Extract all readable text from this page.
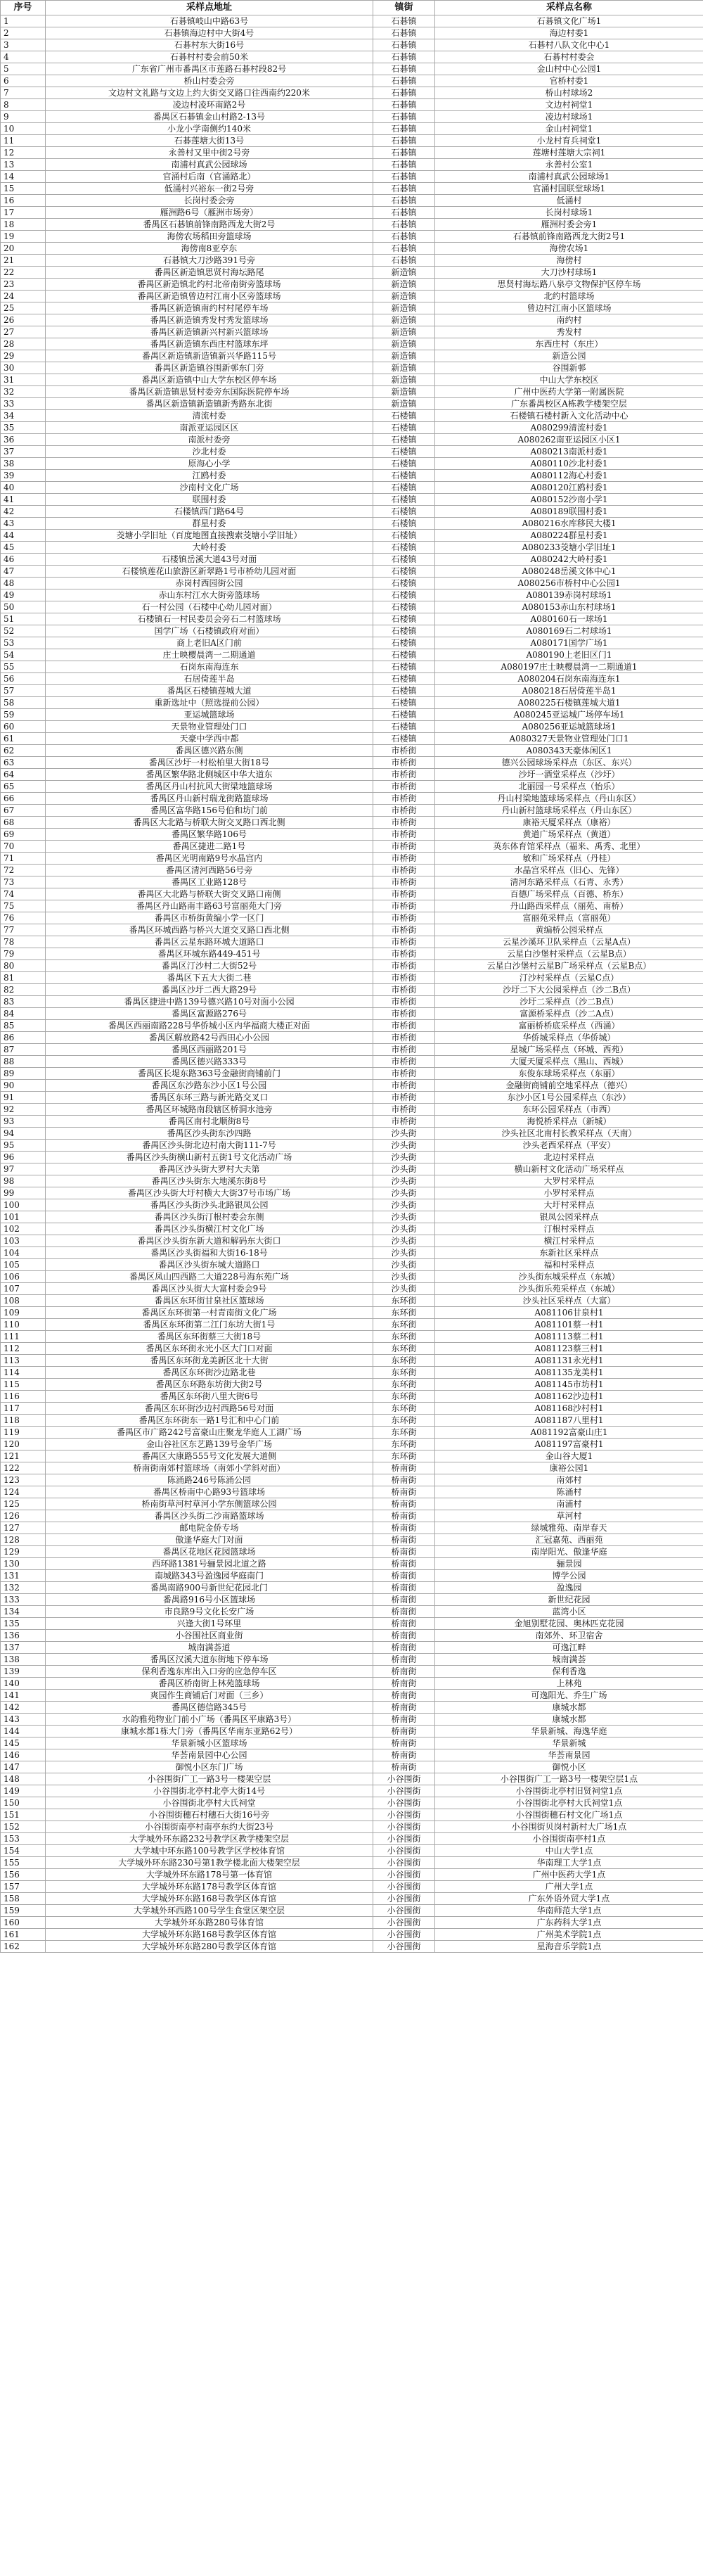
序号	采样点地址	镇街	采样点名称
1	石碁镇岐山中路63号	石碁镇	石碁镇文化广场1
2	石碁镇海边村中大街4号	石碁镇	海边村委1
3	石碁村东大街16号	石碁镇	石碁村八队文化中心1
4	石碁村村委会前50米	石碁镇	石碁村村委会
5	广东省广州市番禺区市莲路石碁村段82号	石碁镇	金山村中心公园1
6	桥山村委会旁	石碁镇	官桥村委1
7	文边村文礼路与文边上约大街交叉路口往西南约220米	石碁镇	桥山村球场2
8	凌边村凌环南路2号	石碁镇	文边村祠堂1
9	番禺区石碁镇金山村路2-13号	石碁镇	凌边村球场1
10	小龙小学南侧约140米	石碁镇	金山村祠堂1
11	石碁莲塘大街13号	石碁镇	小龙村育兵祠堂1
12	永善村又里中街2号旁	石碁镇	莲塘村莲塘大宗祠1
13	南浦村真武公园球场	石碁镇	永善村公室1
14	官涌村后南（官涌路北）	石碁镇	南浦村真武公园球场1
15	低涌村兴裕东一街2号旁	石碁镇	官涌村国联堂球场1
16	长岗村委会旁	石碁镇	低涌村
17	雁洲路6号（雁洲市场旁）	石碁镇	长岗村球场1
18	番禺区石碁镇前锋南路西龙大街2号	石碁镇	雁洲村委会旁1
19	海傍农场稻田旁篮球场	石碁镇	石碁镇前锋南路西龙大街2号1
20	海傍南8亚亭东	石碁镇	海傍农场1
21	石碁镇大刀沙路391号旁	石碁镇	海傍村
22	番禺区新造镇思贤村海坛路尾	新造镇	大刀沙村球场1
23	番禺区新造镇北约村北帝南街旁篮球场	新造镇	思贤村海坛路八泉亭文物保护区停车场
24	番禺区新造镇曾边村江南小区旁篮球场	新造镇	北约村篮球场
25	番禺区新造镇南约村村尾停车场	新造镇	曾边村江南小区篮球场
26	番禺区新造镇秀发村秀发篮球场	新造镇	南约村
27	番禺区新造镇新兴村新兴篮球场	新造镇	秀发村
28	番禺区新造镇东西庄村篮球东坪	新造镇	东西庄村（东庄）
29	番禺区新造镇新造镇新兴华路115号	新造镇	新造公园
30	番禺区新造镇谷围新邨东门旁	新造镇	谷围新邨
31	番禺区新造镇中山大学东校区停车场	新造镇	中山大学东校区
32	番禺区新造镇思贤村委旁东国际医院停车场	新造镇	广州中医药大学第一附属医院
33	番禺区新造镇新造镇新秀路东北街	新造镇	广东番禺校区A栋教学楼架空层
34	清流村委	石楼镇	石楼镇石楼村新入文化活动中心
35	南派亚运园区区	石楼镇	A080299清流村委1
36	南派村委旁	石楼镇	A080262南亚运园区小区1
37	沙北村委	石楼镇	A080213南派村委1
38	原海心小学	石楼镇	A080110沙北村委1
39	江鸥村委	石楼镇	A080112海心村委1
40	沙南村文化广场	石楼镇	A080120江鸥村委1
41	联围村委	石楼镇	A080152沙南小学1
42	石楼镇西门路64号	石楼镇	A080189联围村委1
43	群星村委	石楼镇	A080216水库移民大楼1
44	茭塘小学旧址（百度地图直接搜索茭塘小学旧址）	石楼镇	A080224群星村委1
45	大岭村委	石楼镇	A080233茭塘小学旧址1
46	石楼镇岳溪大道43号对面	石楼镇	A080242大岭村委1
47	石楼镇莲花山旅游区新翠路1号市桥幼儿园对面	石楼镇	A080248岳溪文体中心1
48	赤岗村西园街公园	石楼镇	A080256市桥村中心公园1
49	赤山东村江水大街旁篮球场	石楼镇	A080139赤岗村球场1
50	石一村公园（石楼中心幼儿园对面）	石楼镇	A080153赤山东村球场1
51	石楼镇石一村民委员会旁石二村篮球场	石楼镇	A080160石一球场1
52	国学广场（石楼镇政府对面）	石楼镇	A080169石二村球场1
53	商上老旧A区门前	石楼镇	A080171国学广场1
54	庄士映樱晨湾一二期通道	石楼镇	A080190上老旧区门1
55	石岗东南海连东	石楼镇	A080197庄士映樱晨湾一二期通道1
56	石居倚莲半岛	石楼镇	A080204石岗东南海连东1
57	番禺区石楼镇莲城大道	石楼镇	A080218石居倚莲半岛1
58	重新选址中（照选提前公园）	石楼镇	A080225石楼镇莲城大道1
59	亚运城篮球场	石楼镇	A080245亚运城广场停车场1
60	天景物业管理处门口	石楼镇	A080256亚运城篮球场1
61	天豪中学西中都	石楼镇	A080327天景物业管理处门口1
62	番禺区德兴路东侧	市桥街	A080343天豪体闲区1
63	番禺区沙圩一村松柏里大街18号	市桥街	德兴公园球场采样点（东区、东兴）
64	番禺区繁华路北侧城区中华大道东	市桥街	沙圩一酒堂采样点（沙圩）
65	番禺区丹山村抗风大街梁地篮球场	市桥街	北丽园一号采样点（怡乐）
66	番禺区丹山新村瑞龙街路篮球场	市桥街	丹山村梁地篮球场采样点（丹山东区）
67	番禺区富华路156号伯和坊门前	市桥街	丹山新村篮球场采样点（丹山东区）
68	番禺区大北路与桥联大街交叉路口西北侧	市桥街	康裕天厦采样点（康裕）
69	番禺区繁华路106号	市桥街	黄道广场采样点（黄道）
70	番禺区捷进二路1号	市桥街	英东体育馆采样点（福来、禹秀、北里）
71	番禺区光明南路9号水晶宫内	市桥街	敏和广场采样点（丹桂）
72	番禺区清河西路56号旁	市桥街	水晶宫采样点（旧心、先锋）
73	番禺区工业路128号	市桥街	清河东路采样点（石青、永秀）
74	番禺区大北路与桥联大街交叉路口南侧	市桥街	百德广场采样点（百德、桥东）
75	番禺区丹山路南丰路63号富丽苑大门旁	市桥街	丹山路西采样点（丽苑、南桥）
76	番禺区市桥街黄编小学一区门	市桥街	富丽苑采样点（富丽苑）
77	番禺区环城西路与桥兴大道交叉路口西北侧	市桥街	黄编桥公园采样点
78	番禺区云星东路环城大道路口	市桥街	云星沙溪环卫队采样点（云星A点）
79	番禺区环城东路449-451号	市桥街	云星白沙堡村采样点（云星B点）
80	番禺区汀沙村二大街52号	市桥街	云星白沙堡村云星B广场采样点（云星B点）
81	番禺区下五大大街二巷	市桥街	汀沙村采样点（云星C点）
82	番禺区沙圩二西大路29号	市桥街	沙圩二下大公园采样点（沙二B点）
83	番禺区捷进中路139号德兴路10号对面小公园	市桥街	沙圩二采样点（沙二B点）
84	番禺区富源路276号	市桥街	富源桥采样点（沙二A点）
85	番禺区西丽南路228号华侨城小区内华福商大楼正对面	市桥街	富丽桥桥底采样点（西涌）
86	番禺区解放路42号西田心小公园	市桥街	华侨城采样点（华侨城）
87	番禺区西丽路201号	市桥街	星城广场采样点（环城、西苑）
88	番禺区德兴路333号	市桥街	大厦天厦采样点（黑山、西城）
89	番禺区长堤东路363号金融街商铺前门	市桥街	东俊东球场采样点（东丽）
90	番禺区东沙路东沙小区1号公园	市桥街	金融街商铺前空地采样点（德兴）
91	番禺区东环三路与新光路交叉口	市桥街	东沙小区1号公园采样点（东沙）
92	番禺区环城路南段辖区桥洞水池旁	市桥街	东环公园采样点（市西）
93	番禺区南村北顺街8号	市桥街	海悦桥采样点（新城）
94	番禺区沙头街东沙四路	沙头街	沙头社区北南村长教采样点（天南）
95	番禺区沙头街北边村南大街111-7号	沙头街	沙头老西采样点（平安）
96	番禺区沙头街横山新村五街1号文化活动广场	沙头街	北边村采样点
97	番禺区沙头街大罗村大夫第	沙头街	横山新村文化活动广场采样点
98	番禺区沙头街东大地溪东街8号	沙头街	大罗村采样点
99	番禺区沙头街大圩村横大大街37号市场广场	沙头街	小罗村采样点
100	番禺区沙头街沙头北路银凤公园	沙头街	大圩村采样点
101	番禺区沙头街汀根村委会东侧	沙头街	银凤公园采样点
102	番禺区沙头街横江村文化广场	沙头街	汀根村采样点
103	番禺区沙头街东新大道和解码东大街口	沙头街	横江村采样点
104	番禺区沙头街福和大街16-18号	沙头街	东新社区采样点
105	番禺区沙头街东城大道路口	沙头街	福和村采样点
106	番禺区凤山四西路二大道228号海东苑广场	沙头街	沙头街东城采样点（东城）
107	番禺区沙头街大大富村委会9号	沙头街	沙头街乐苑采样点（东城）
108	番禺区东环街甘泉社区篮球场	东环街	沙头社区采样点（大富）
109	番禺区东环街第一村青南街文化广场	东环街	A081106甘泉村1
110	番禺区东环街第二江门东坊大街1号	东环街	A081101蔡一村1
111	番禺区东环街蔡三大街18号	东环街	A081113蔡二村1
112	番禺区东环街永光小区大门口对面	东环街	A081123蔡三村1
113	番禺区东环街龙美新区北十大街	东环街	A081131永光村1
114	番禺区东环街沙边路北巷	东环街	A081135龙美村1
115	番禺区东环路东坊街大街2号	东环街	A081145市坊村1
116	番禺区东环街八里大街6号	东环街	A081162沙边村1
117	番禺区东环街沙边村西路56号对面	东环街	A081168沙村村1
118	番禺区东环街东一路1号汇和中心门前	东环街	A081187八里村1
119	番禺区市广路242号富豪山庄聚龙华庭人工湖广场	东环街	A081192富豪山庄1
120	金山谷社区东艺路139号金华广场	东环街	A081197富豪村1
121	番禺区大康路555号文化发展大道侧	东环街	金山谷大厦1
122	桥南街南郊村篮球场（南郊小学斜对面）	桥南街	康裕公园1
123	陈涌路246号陈涌公园	桥南街	南郊村
124	番禺区桥南中心路93号篮球场	桥南街	陈涌村
125	桥南街草河村草河小学东侧篮球公园	桥南街	南浦村
126	番禺区沙头街二沙南路篮球场	桥南街	草河村
127	邮电院金侨专场	桥南街	绿城雅苑、南岸春天
128	傲逢华庭大门对面	桥南街	汇冠嘉苑、西丽苑
129	番禺区花地区花园篮球场	桥南街	南岸阳光、傲逢华庭
130	西环路1381号骊景园北道之路	桥南街	骊景园
131	南城路343号盈逸园华庭南门	桥南街	博学公园
132	番禺南路900号新世纪花园北门	桥南街	盈逸园
133	番禺路916号小区篮球场	桥南街	新世纪花园
134	市良路9号文化长安广场	桥南街	蓝湾小区
135	兴逢大街1号环里	桥南街	金旭别墅花园、奥林匹克花园
136	小谷围社区商业街	桥南街	南郊外、环卫宿舍
137	城南满荟道	桥南街	可逸江畔
138	番禺区汉溪大道东街地下停车场	桥南街	城南满荟
139	保利香逸东库出入口旁的应急停车区	桥南街	保利香逸
140	番禺区桥南街上林苑篮球场	桥南街	上林苑
141	爽园作生商铺后门对面（三乡）	桥南街	可逸阳光、乔生广场
142	番禺区德信路345号	桥南街	康城水都
143	水韵雅苑物业门前小广场（番禺区平康路3号）	桥南街	康城水都
144	康城水都1栋大门旁（番禺区华南东亚路62号）	桥南街	华景新城、海逸华庭
145	华景新城小区篮球场	桥南街	华景新城
146	华荟南景园中心公园	桥南街	华荟南景园
147	御悦小区东门广场	桥南街	御悦小区
148	小谷围街广工一路3号一楼架空层	小谷围街	小谷围街广工一路3号一楼架空层1点
149	小谷围街北亭村北亭大街14号	小谷围街	小谷围街北亭村旧贤祠堂1点
150	小谷围街北亭村大氏祠堂	小谷围街	小谷围街北亭村大氏祠堂1点
151	小谷围街穗石村穗石大街16号旁	小谷围街	小谷围街穗石村文化广场1点
152	小谷围街南亭村南亭东约大街23号	小谷围街	小谷围街贝岗村新村大广场1点
153	大学城外环东路232号教学区教学楼架空层	小谷围街	小谷围街南亭村1点
154	大学城中环东路100号教学区学校体育馆	小谷围街	中山大学1点
155	大学城外环东路230号第1教学楼北面大楼架空层	小谷围街	华南理工大学1点
156	大学城外环东路178号第一体育馆	小谷围街	广州中医药大学1点
157	大学城外环东路178号教学区体育馆	小谷围街	广州大学1点
158	大学城外环东路168号教学区体育馆	小谷围街	广东外语外贸大学1点
159	大学城外环西路100号学生食堂区架空层	小谷围街	华南师范大学1点
160	大学城外环东路280号体育馆	小谷围街	广东药科大学1点
161	大学城外环东路168号教学区体育馆	小谷围街	广州美术学院1点
162	大学城外环东路280号教学区体育馆	小谷围街	星海音乐学院1点
